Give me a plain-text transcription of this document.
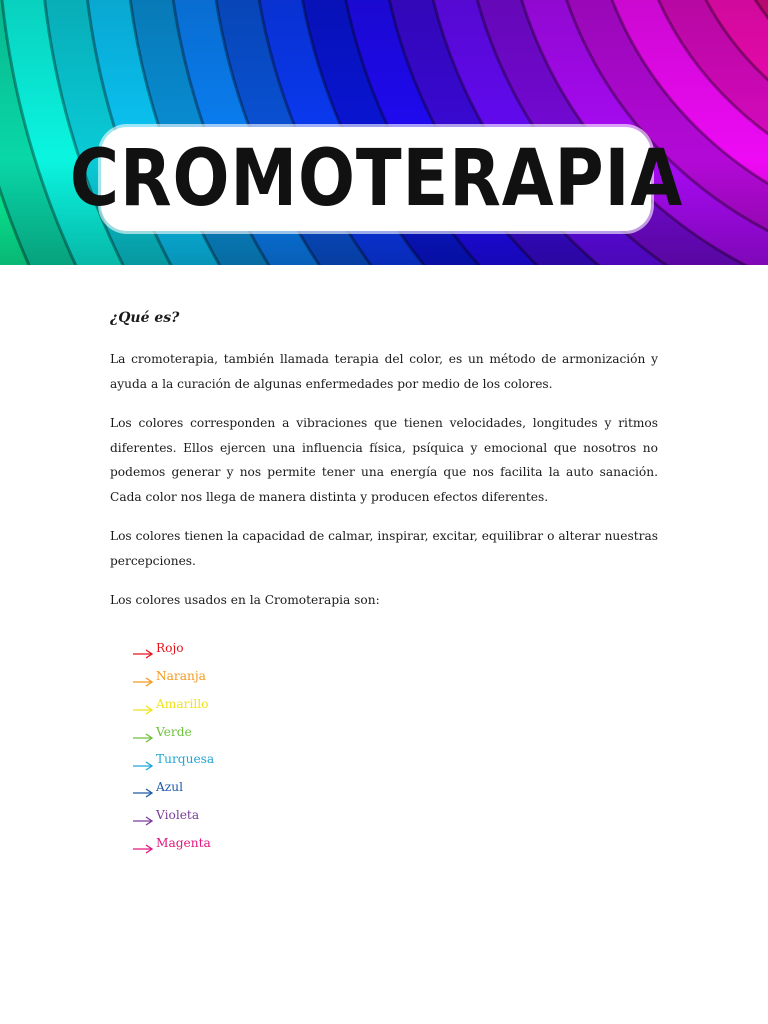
CROMOTERAPIA
¿Qué es?

La cromoterapia, también llamada terapia del color, es un método de armonización y ayuda a la curación de algunas enfermedades por medio de los colores.

Los colores corresponden a vibraciones que tienen velocidades, longitudes y ritmos diferentes. Ellos ejercen una influencia física, psíquica y emocional que nosotros no podemos generar y nos permite tener una energía que nos facilita la auto sanación. Cada color nos llega de manera distinta y producen efectos diferentes.

Los colores tienen la capacidad de calmar, inspirar, excitar, equilibrar o alterar nuestras percepciones.

Los colores usados en la Cromoterapia son:

Rojo
Naranja
Amarillo
Verde
Turquesa
Azul
Violeta
Magenta
